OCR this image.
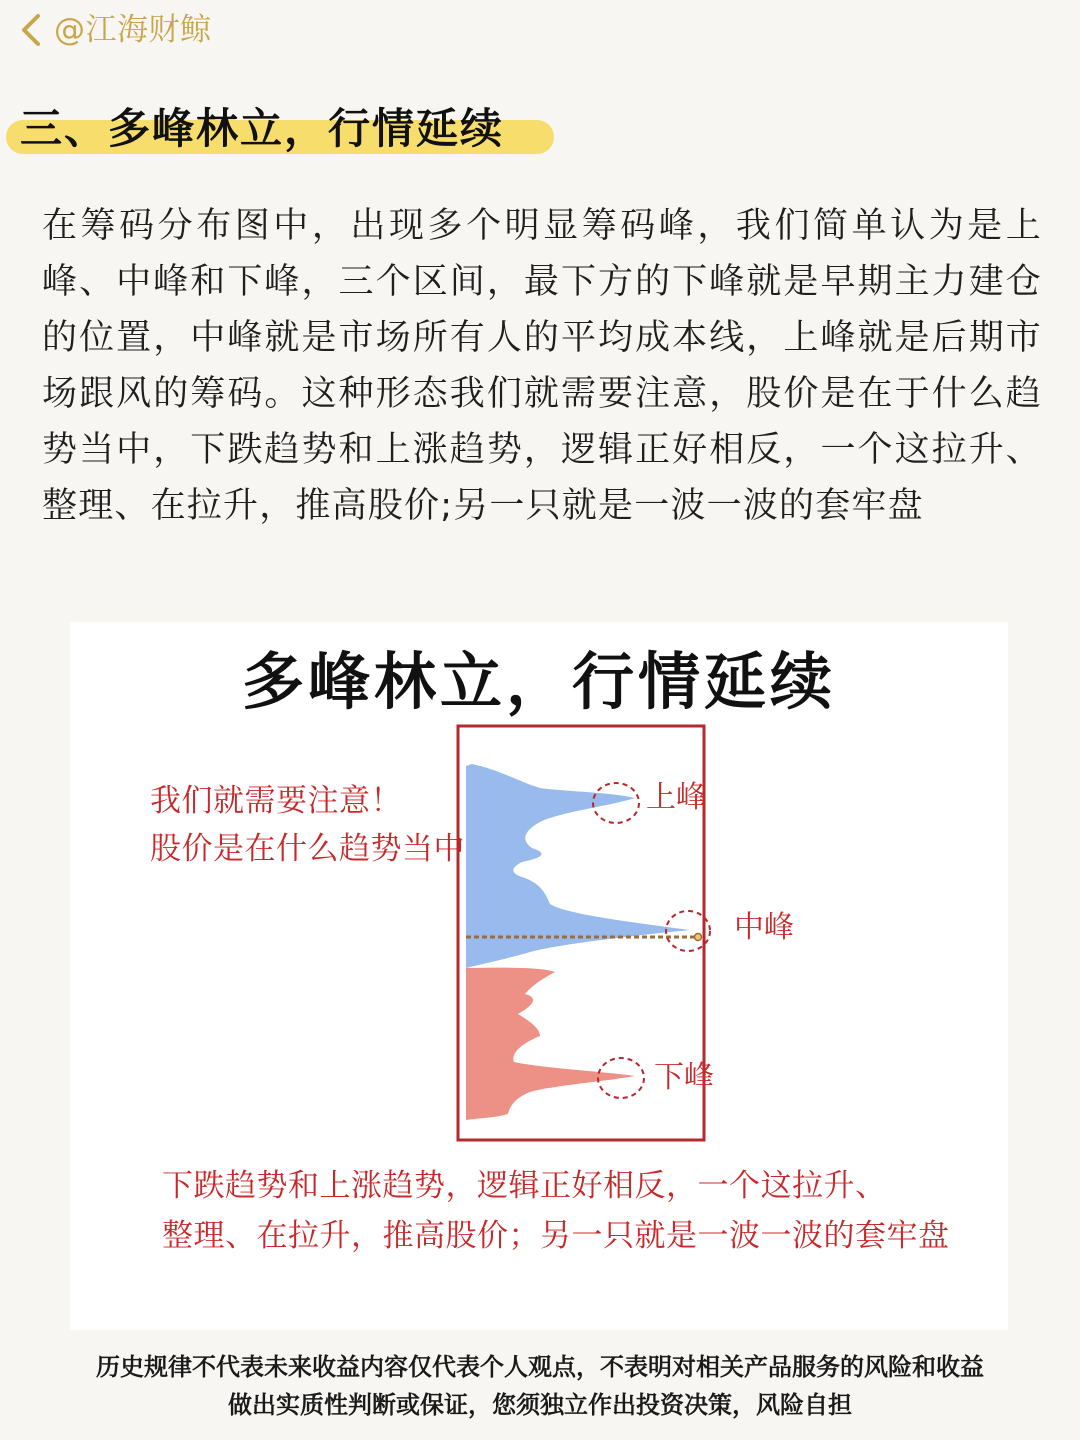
@江海财鲸
三、多峰林立，行情延续

在筹码分布图中，出现多个明显筹码峰，我们简单认为是上峰、中峰和下峰，三个区间，最下方的下峰就是早期主力建仓的位置，中峰就是市场所有人的平均成本线，上峰就是后期市场跟风的筹码。这种形态我们就需要注意，股价是在于什么趋势当中，下跌趋势和上涨趋势，逻辑正好相反，一个这拉升、整理、在拉升，推高股价;另一只就是一波一波的套牢盘

多峰林立，行情延续
我们就需要注意！
股价是在什么趋势当中
上峰
中峰
下峰
下跌趋势和上涨趋势，逻辑正好相反，一个这拉升、
整理、在拉升，推高股价；另一只就是一波一波的套牢盘
历史规律不代表未来收益内容仅代表个人观点，不表明对相关产品服务的风险和收益
做出实质性判断或保证，您须独立作出投资决策，风险自担
